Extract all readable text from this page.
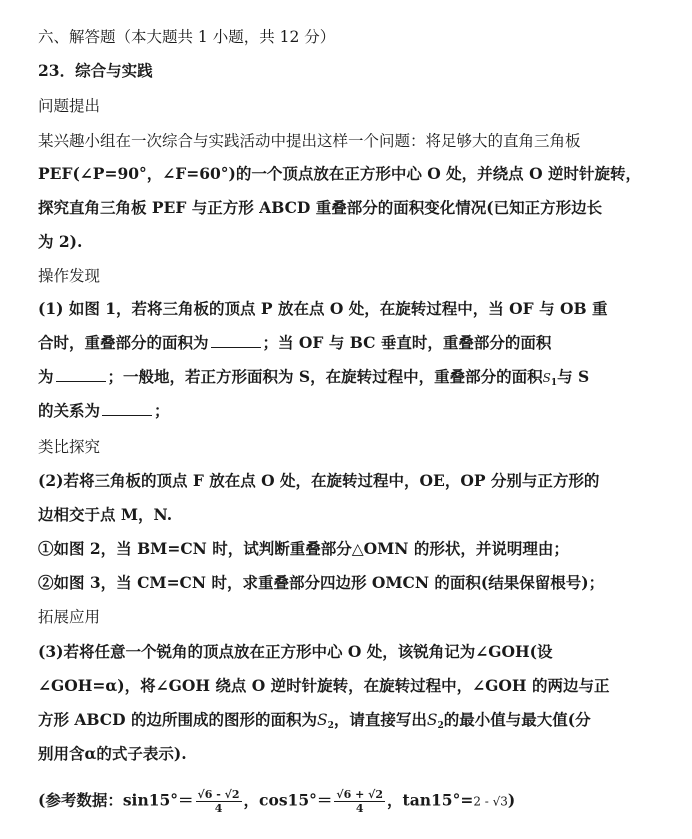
六、解答题（本大题共 1 小题，共 12 分）
23．综合与实践
问题提出
某兴趣小组在一次综合与实践活动中提出这样一个问题：将足够大的直角三角板
PEF(∠P=90°，∠F=60°)的一个顶点放在正方形中心 O 处，并绕点 O 逆时针旋转，
探究直角三角板 PEF 与正方形 ABCD 重叠部分的面积变化情况(已知正方形边长
为 2).
操作发现
(1) 如图 1，若将三角板的顶点 P 放在点 O 处，在旋转过程中，当 OF 与 OB 重
合时，重叠部分的面积为	；当 OF 与 BC 垂直时，重叠部分的面积
为	；一般地，若正方形面积为 S，在旋转过程中，重叠部分的面积$S_1$与 S
的关系为	；
类比探究
(2)若将三角板的顶点 F 放在点 O 处，在旋转过程中，OE，OP 分别与正方形的
边相交于点 M，N.
①如图 2，当 BM=CN 时，试判断重叠部分△OMN 的形状，并说明理由；
②如图 3，当 CM=CN 时，求重叠部分四边形 OMCN 的面积(结果保留根号)；
拓展应用
(3)若将任意一个锐角的顶点放在正方形中心 O 处，该锐角记为∠GOH(设
∠GOH=α)，将∠GOH 绕点 O 逆时针旋转，在旋转过程中，∠GOH 的两边与正
方形 ABCD 的边所围成的图形的面积为$S_2$，请直接写出$S_2$的最小值与最大值(分
别用含α的式子表示).
(参考数据：$\sin 15^\circ= \frac{√6 - √2}{4}$ ，$\cos 15^\circ= \frac{√6 + √2}{4}$ ，tan15°=2 - √3)
